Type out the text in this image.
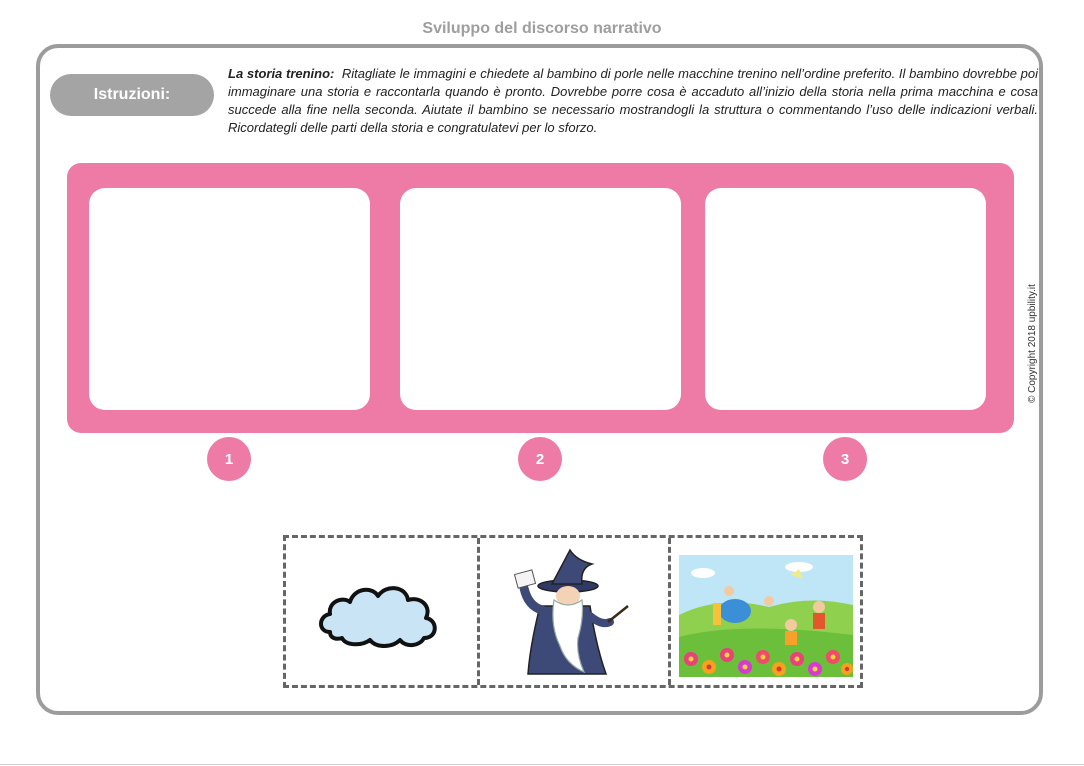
Sviluppo del discorso narrativo
Istruzioni:
La storia trenino: Ritagliate le immagini e chiedete al bambino di porle nelle macchine trenino nell’ordine preferito. Il bambino dovrebbe poi immaginare una storia e raccontarla quando è pronto. Dovrebbe porre cosa è accaduto all’inizio della storia nella prima macchina e cosa succede alla fine nella seconda. Aiutate il bambino se necessario mostrandogli la struttura o commentando l’uso delle indicazioni verbali. Ricordategli delle parti della storia e congratulatevi per lo sforzo.
1	2	3
© Copyright 2018 upbility.it
